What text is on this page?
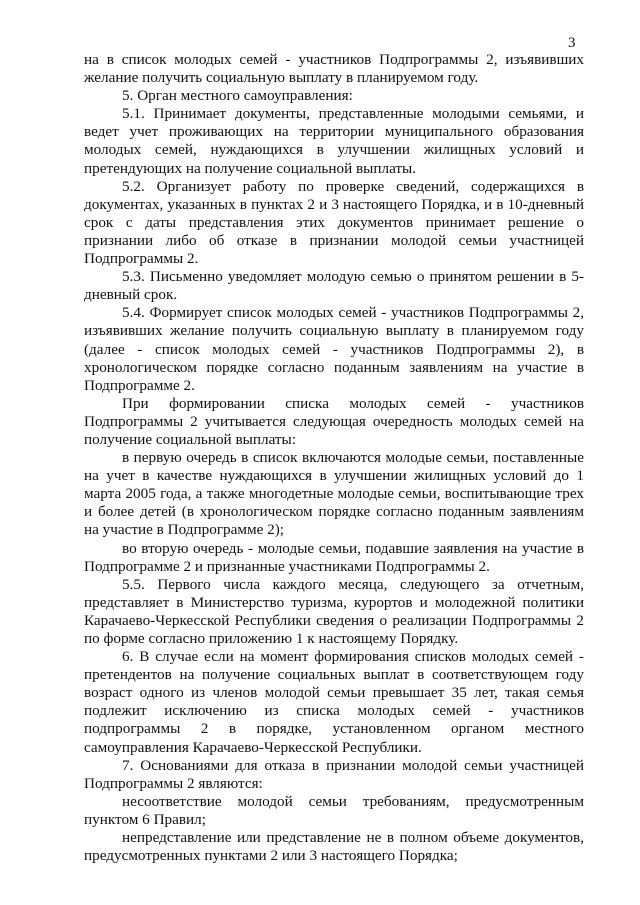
3

на в список молодых семей - участников Подпрограммы 2, изъявивших желание получить социальную выплату в планируемом году.

5. Орган местного самоуправления:

5.1. Принимает документы, представленные молодыми семьями, и ведет учет проживающих на территории муниципального образования молодых семей, нуждающихся в улучшении жилищных условий и претендующих на получение социальной выплаты.

5.2. Организует работу по проверке сведений, содержащихся в документах, указанных в пунктах 2 и 3 настоящего Порядка, и в 10-дневный срок с даты представления этих документов принимает решение о признании либо об отказе в признании молодой семьи участницей Подпрограммы 2.

5.3. Письменно уведомляет молодую семью о принятом решении в 5-дневный срок.

5.4. Формирует список молодых семей - участников Подпрограммы 2, изъявивших желание получить социальную выплату в планируемом году (далее - список молодых семей - участников Подпрограммы 2), в хронологическом порядке согласно поданным заявлениям на участие в Подпрограмме 2.

При формировании списка молодых семей - участников Подпрограммы 2 учитывается следующая очередность молодых семей на получение социальной выплаты:

в первую очередь в список включаются молодые семьи, поставленные на учет в качестве нуждающихся в улучшении жилищных условий до 1 марта 2005 года, а также многодетные молодые семьи, воспитывающие трех и более детей (в хронологическом порядке согласно поданным заявлениям на участие в Подпрограмме 2);

во вторую очередь - молодые семьи, подавшие заявления на участие в Подпрограмме 2 и признанные участниками Подпрограммы 2.

5.5. Первого числа каждого месяца, следующего за отчетным, представляет в Министерство туризма, курортов и молодежной политики Карачаево-Черкесской Республики сведения о реализации Подпрограммы 2 по форме согласно приложению 1 к настоящему Порядку.

6. В случае если на момент формирования списков молодых семей - претендентов на получение социальных выплат в соответствующем году возраст одного из членов молодой семьи превышает 35 лет, такая семья подлежит исключению из списка молодых семей - участников подпрограммы 2 в порядке, установленном органом местного самоуправления Карачаево-Черкесской Республики.

7. Основаниями для отказа в признании молодой семьи участницей Подпрограммы 2 являются:

несоответствие молодой семьи требованиям, предусмотренным пунктом 6 Правил;

непредставление или представление не в полном объеме документов, предусмотренных пунктами 2 или 3 настоящего Порядка;
